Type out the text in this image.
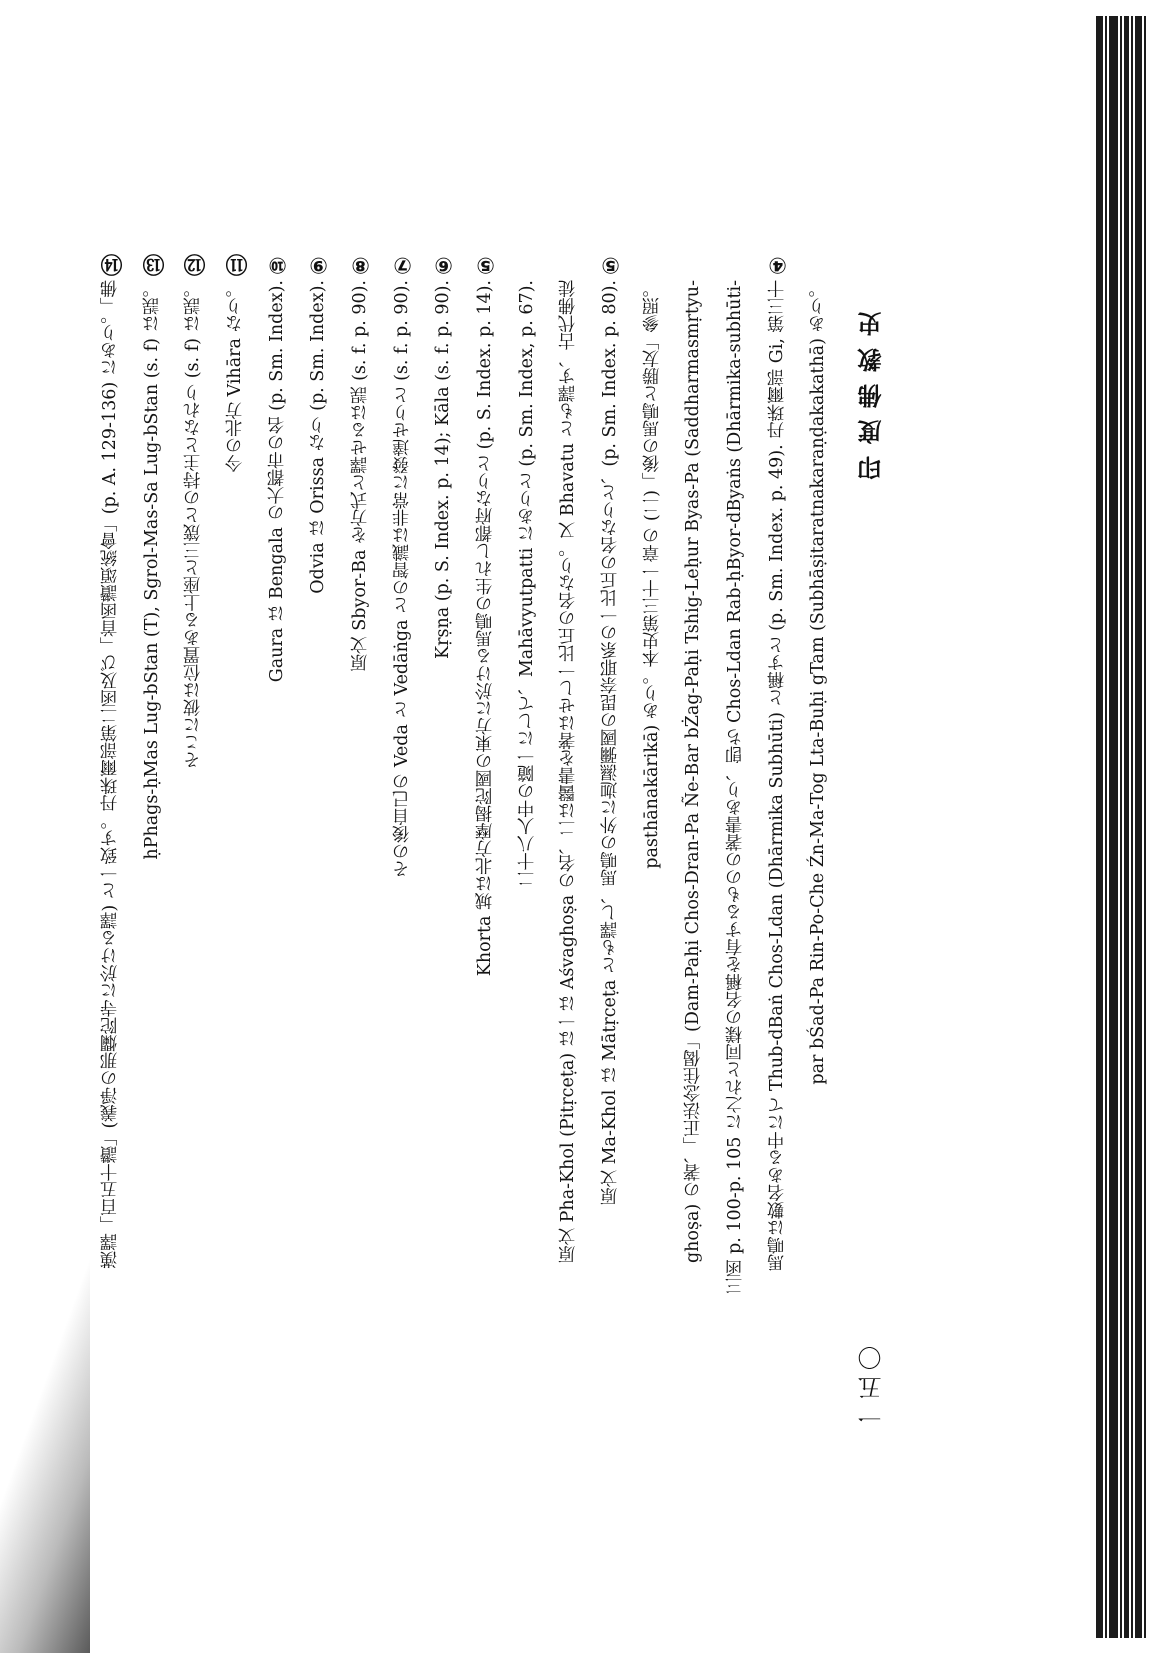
印度佛教史
一五〇
par bŚad-Pa Rin-Po-Che Źn-Ma-Tog Lta-Buḥi gTam (Subhāṣitaratnakaraṇḍakakathā) あり。
④
馬鳴は數名ある中にて Thub-dBaṅ Chos-Ldan (Dhārmika Subhūti) と稱すと (p. Sm. Index. p. 49). 丹珠爾部 Gi, 第三十
三函 p. 100-p. 105 に之れと同樣の名稱を有するものの著書あり、卽ち Chos-Ldan Rab-ḥByor-dByaṅs (Dhārmika-subhūti-
ghoṣa) の著、「正法念住偈」(Dam-Paḥi Chos-Dran-Pa Ñe-Bar bŻag-Paḥi Tshig-Leḥur Byas-Pa (Saddharmasmṛtyu-
pasthānakārikā) あり。本史第三十一章の (二)「後の馬鳴と勝友」參照。
⑤
原文 Ma-Khol は Mātṛceṭa とも譯し、馬鳴の外に迦濕彌國の毘奈耶系の一比丘の名なりと、(p. Sm. Index. p. 80).
原文 Pha-Khol (Pitṛceṭa) は一は Aśvaghoṣa の名、二は醫書を著はせし一比丘の名なり。又 Bhavatu とも譯す、古代佛徒
二十八人中の隨一にして、Mahāvyutpatti にありと (p. Sm. Index, p. 67).
⑤
Khorta 城は北方摩揭陀國の東方に於ける馬鳴の生れし都府なりと (p. S. Index. p. 14).
⑥
Kṛṣṇa (p. S. Index. p. 14); Kāla (s. f. p. 90).
⑦
その後自己の Veda と Vedāṅga との智識は非常に發達せりと (s. f. p. 90).
⑧
原文 Sbyor-Ba を方式と譯せるは誤 (s. f. p. 90).
⑨
Odvia は Orissa なり (p. Sm. Index).
⑩
Gaura は Bengala の大都市の名 (p. Sm. Index).
⑪
今の北方 Vihāra なり。
⑫
そこに彼は位置ある上座と三筬との持主となれり (s. f) は誤。
⑬
ḥPhags-ḥMas Lug-bStan (T), Sgrol-Mas-Sa Lug-bStan (s. f) は誤。
⑭
漢譯「百五十讚」(義淨の那爛陀寺に於ける譯) と一致す。丹珠爾部第二函及び「首函讚頌統會」(p. A. 129-136) にあり。「佛
